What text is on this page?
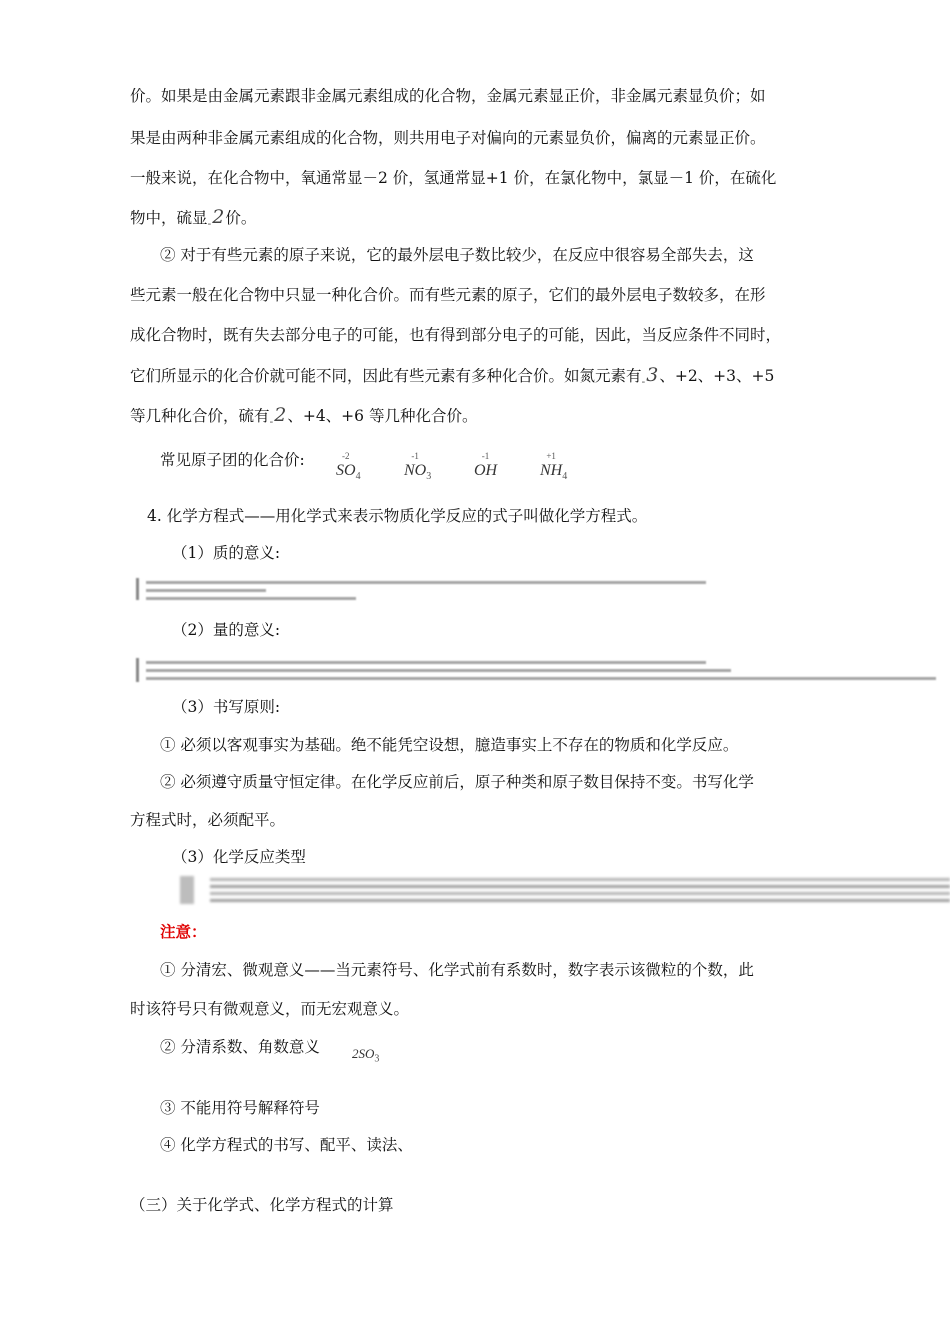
价。如果是由金属元素跟非金属元素组成的化合物，金属元素显正价，非金属元素显负价；如
果是由两种非金属元素组成的化合物，则共用电子对偏向的元素显负价，偏离的元素显正价。
一般来说，在化合物中，氧通常显－2 价，氢通常显+1 价，在氯化物中，氯显－1 价，在硫化
物中，硫显-2价。
② 对于有些元素的原子来说，它的最外层电子数比较少，在反应中很容易全部失去，这
些元素一般在化合物中只显一种化合价。而有些元素的原子，它们的最外层电子数较多，在形
成化合物时，既有失去部分电子的可能，也有得到部分电子的可能，因此，当反应条件不同时，
它们所显示的化合价就可能不同，因此有些元素有多种化合价。如氮元素有-3、+2、+3、+5
等几种化合价，硫有-2、+4、+6 等几种化合价。
常见原子团的化合价:	-2
$SO_4$
-1
$NO_3$
-1
OH
+1
$NH_4$
4. 化学方程式——用化学式来表示物质化学反应的式子叫做化学方程式。
（1）质的意义:
（2）量的意义:
（3）书写原则:
① 必须以客观事实为基础。绝不能凭空设想，臆造事实上不存在的物质和化学反应。
② 必须遵守质量守恒定律。在化学反应前后，原子种类和原子数目保持不变。书写化学
方程式时，必须配平。
（3）化学反应类型
注意：
① 分清宏、微观意义——当元素符号、化学式前有系数时，数字表示该微粒的个数，此
时该符号只有微观意义，而无宏观意义。
② 分清系数、角数意义 $2SO_3$
③ 不能用符号解释符号
④ 化学方程式的书写、配平、读法、
（三）关于化学式、化学方程式的计算
